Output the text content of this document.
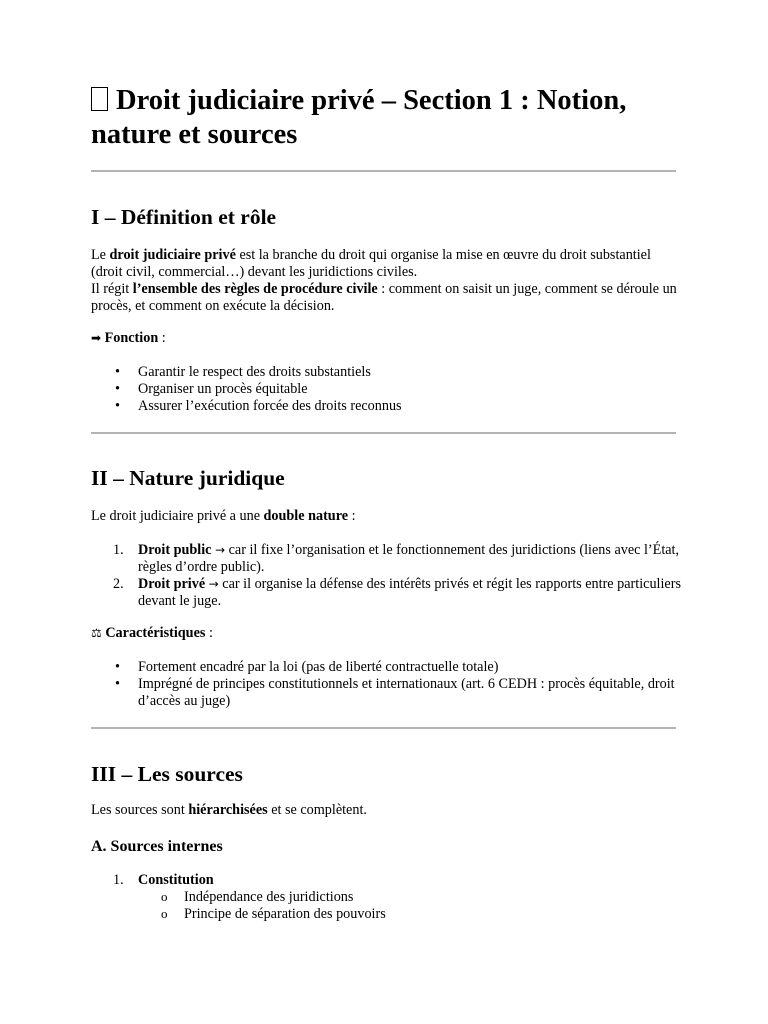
Droit judiciaire privé – Section 1 : Notion, nature et sources
I – Définition et rôle

Le droit judiciaire privé est la branche du droit qui organise la mise en œuvre du droit substantiel (droit civil, commercial…) devant les juridictions civiles.
Il régit l’ensemble des règles de procédure civile : comment on saisit un juge, comment se déroule un procès, et comment on exécute la décision.

➡ Fonction :

• Garantir le respect des droits substantiels
• Organiser un procès équitable
• Assurer l’exécution forcée des droits reconnus
II – Nature juridique

Le droit judiciaire privé a une double nature :

1. Droit public → car il fixe l’organisation et le fonctionnement des juridictions (liens avec l’État, règles d’ordre public).
2. Droit privé → car il organise la défense des intérêts privés et régit les rapports entre particuliers devant le juge.

⚖ Caractéristiques :

• Fortement encadré par la loi (pas de liberté contractuelle totale)
• Imprégné de principes constitutionnels et internationaux (art. 6 CEDH : procès équitable, droit d’accès au juge)
III – Les sources

Les sources sont hiérarchisées et se complètent.

A. Sources internes
1. Constitution
o Indépendance des juridictions
o Principe de séparation des pouvoirs
